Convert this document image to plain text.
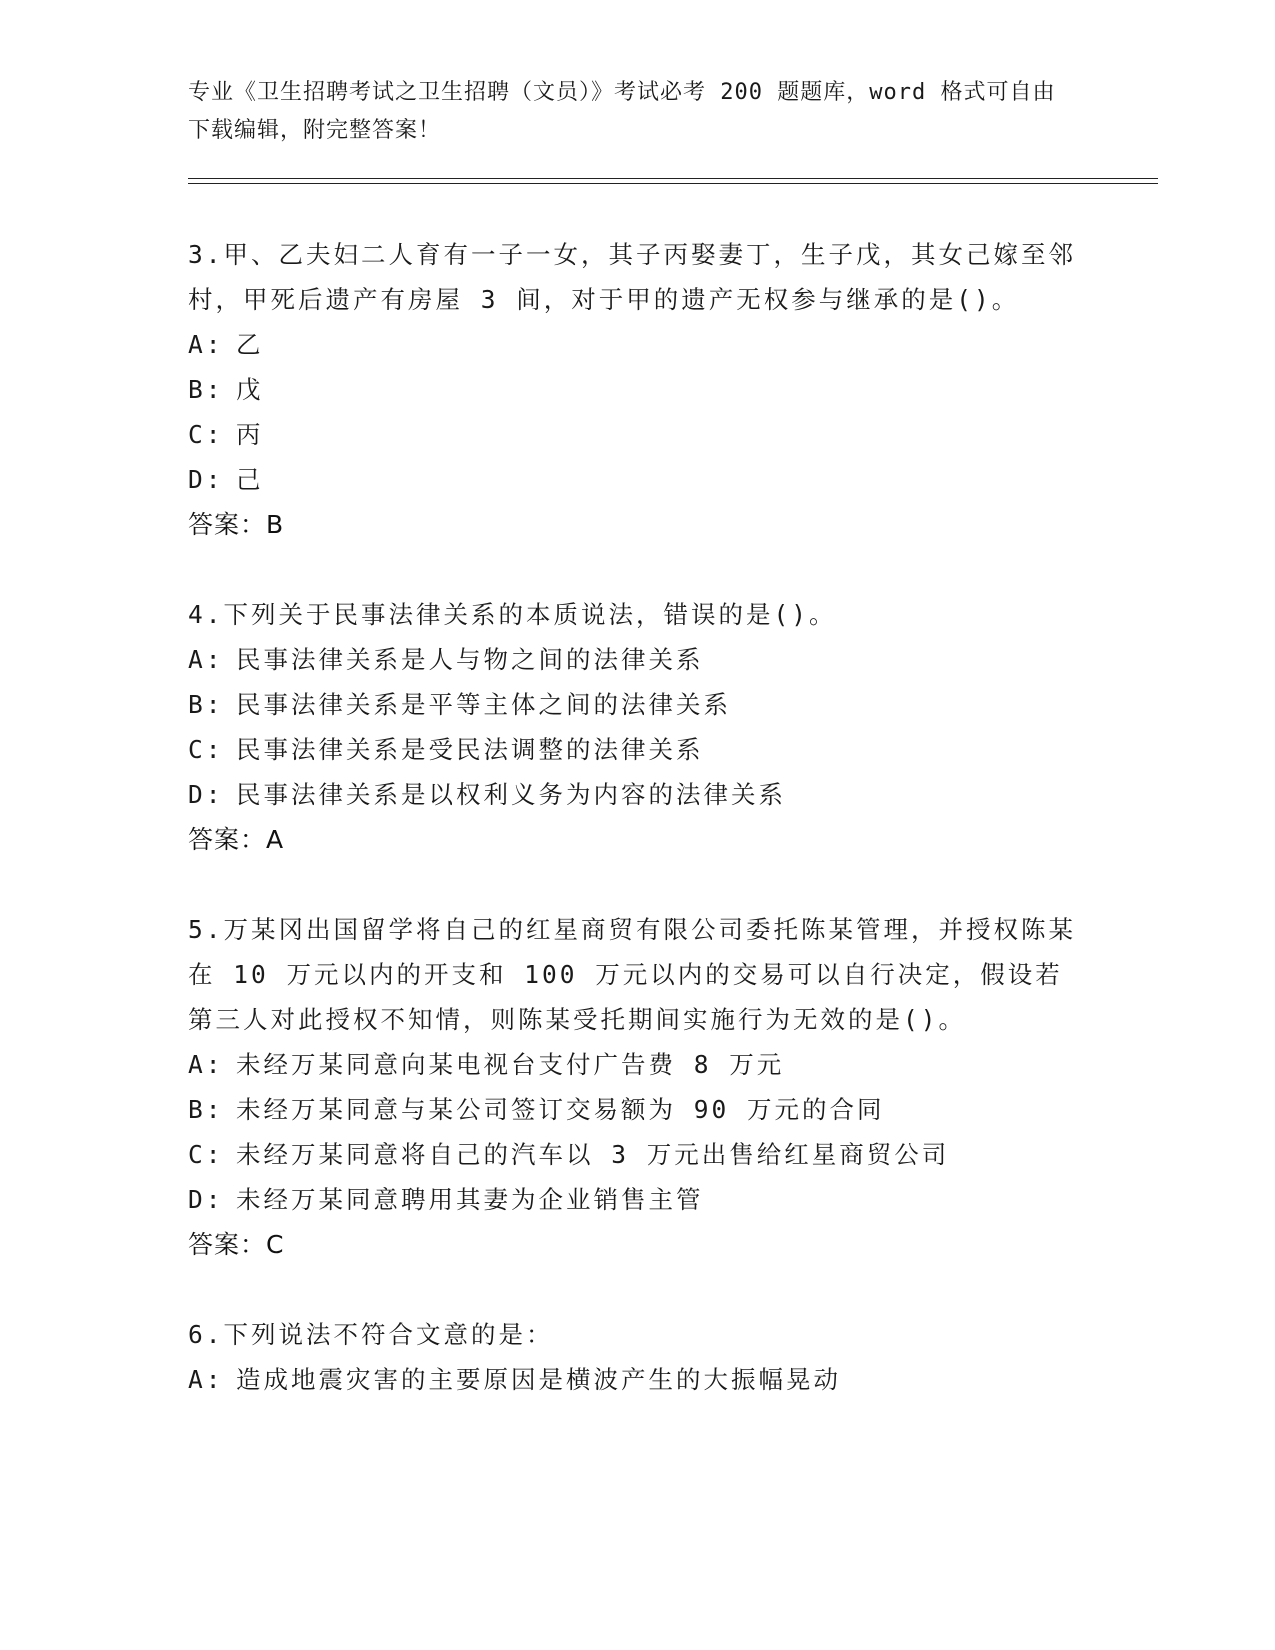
专业《卫生招聘考试之卫生招聘（文员）》考试必考 200 题题库，word 格式可自由下载编辑，附完整答案！
3.甲、乙夫妇二人育有一子一女，其子丙娶妻丁，生子戊，其女己嫁至邻村，甲死后遗产有房屋 3 间，对于甲的遗产无权参与继承的是()。
A: 乙
B: 戊
C: 丙
D: 己
答案：B
4.下列关于民事法律关系的本质说法，错误的是()。
A: 民事法律关系是人与物之间的法律关系
B: 民事法律关系是平等主体之间的法律关系
C: 民事法律关系是受民法调整的法律关系
D: 民事法律关系是以权利义务为内容的法律关系
答案：A
5.万某冈出国留学将自己的红星商贸有限公司委托陈某管理，并授权陈某在 10 万元以内的开支和 100 万元以内的交易可以自行决定，假设若第三人对此授权不知情，则陈某受托期间实施行为无效的是()。
A: 未经万某同意向某电视台支付广告费 8 万元
B: 未经万某同意与某公司签订交易额为 90 万元的合同
C: 未经万某同意将自己的汽车以 3 万元出售给红星商贸公司
D: 未经万某同意聘用其妻为企业销售主管
答案：C
6.下列说法不符合文意的是：
A: 造成地震灾害的主要原因是横波产生的大振幅晃动
